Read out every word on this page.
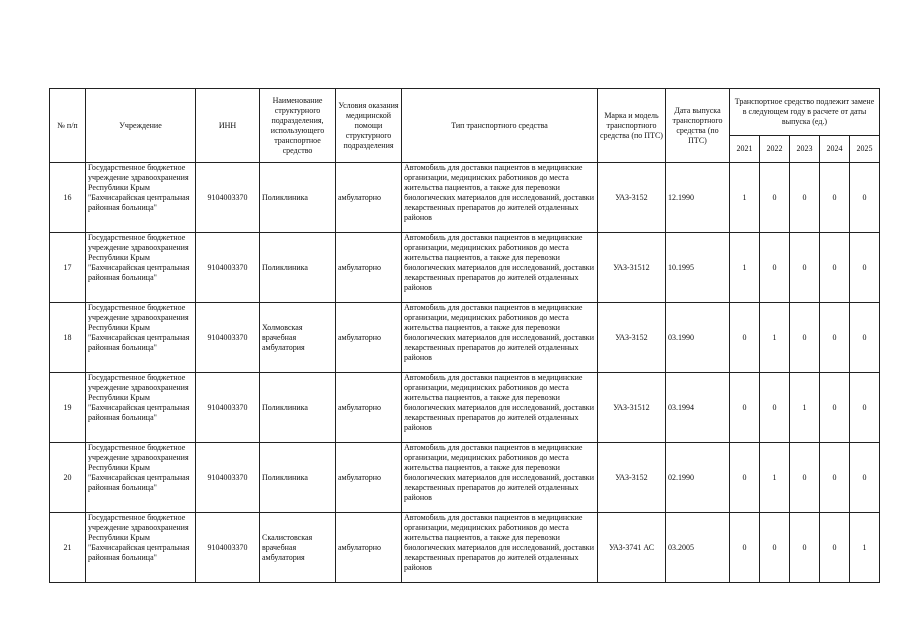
№ п/п	Учреждение	ИНН	Наименование структурного подразделения, использующего транспортное средство	Условия оказания медицинской помощи структурного подразделения	Тип транспортного средства	Марка и модель транспортного средства (по ПТС)	Дата выпуска транспортного средства (по ПТС)	Транспортное средство подлежит замене в следующем году в расчете от даты выпуска (ед.)				
								2021	2022	2023	2024	2025
16	Государственное бюджетное учреждение здравоохранения Республики Крым "Бахчисарайская центральная районная больница"	9104003370	Поликлиника	амбулаторно	Автомобиль для доставки пациентов в медицинские организации, медицинских работников до места жительства пациентов, а также для перевозки биологических материалов для исследований, доставки лекарственных препаратов до жителей отдаленных районов	УАЗ-3152	12.1990	1	0	0	0	0
17	Государственное бюджетное учреждение здравоохранения Республики Крым "Бахчисарайская центральная районная больница"	9104003370	Поликлиника	амбулаторно	Автомобиль для доставки пациентов в медицинские организации, медицинских работников до места жительства пациентов, а также для перевозки биологических материалов для исследований, доставки лекарственных препаратов до жителей отдаленных районов	УАЗ-31512	10.1995	1	0	0	0	0
18	Государственное бюджетное учреждение здравоохранения Республики Крым "Бахчисарайская центральная районная больница"	9104003370	Холмовская врачебная амбулатория	амбулаторно	Автомобиль для доставки пациентов в медицинские организации, медицинских работников до места жительства пациентов, а также для перевозки биологических материалов для исследований, доставки лекарственных препаратов до жителей отдаленных районов	УАЗ-3152	03.1990	0	1	0	0	0
19	Государственное бюджетное учреждение здравоохранения Республики Крым "Бахчисарайская центральная районная больница"	9104003370	Поликлиника	амбулаторно	Автомобиль для доставки пациентов в медицинские организации, медицинских работников до места жительства пациентов, а также для перевозки биологических материалов для исследований, доставки лекарственных препаратов до жителей отдаленных районов	УАЗ-31512	03.1994	0	0	1	0	0
20	Государственное бюджетное учреждение здравоохранения Республики Крым "Бахчисарайская центральная районная больница"	9104003370	Поликлиника	амбулаторно	Автомобиль для доставки пациентов в медицинские организации, медицинских работников до места жительства пациентов, а также для перевозки биологических материалов для исследований, доставки лекарственных препаратов до жителей отдаленных районов	УАЗ-3152	02.1990	0	1	0	0	0
21	Государственное бюджетное учреждение здравоохранения Республики Крым "Бахчисарайская центральная районная больница"	9104003370	Скалистовская врачебная амбулатория	амбулаторно	Автомобиль для доставки пациентов в медицинские организации, медицинских работников до места жительства пациентов, а также для перевозки биологических материалов для исследований, доставки лекарственных препаратов до жителей отдаленных районов	УАЗ-3741 АС	03.2005	0	0	0	0	1
